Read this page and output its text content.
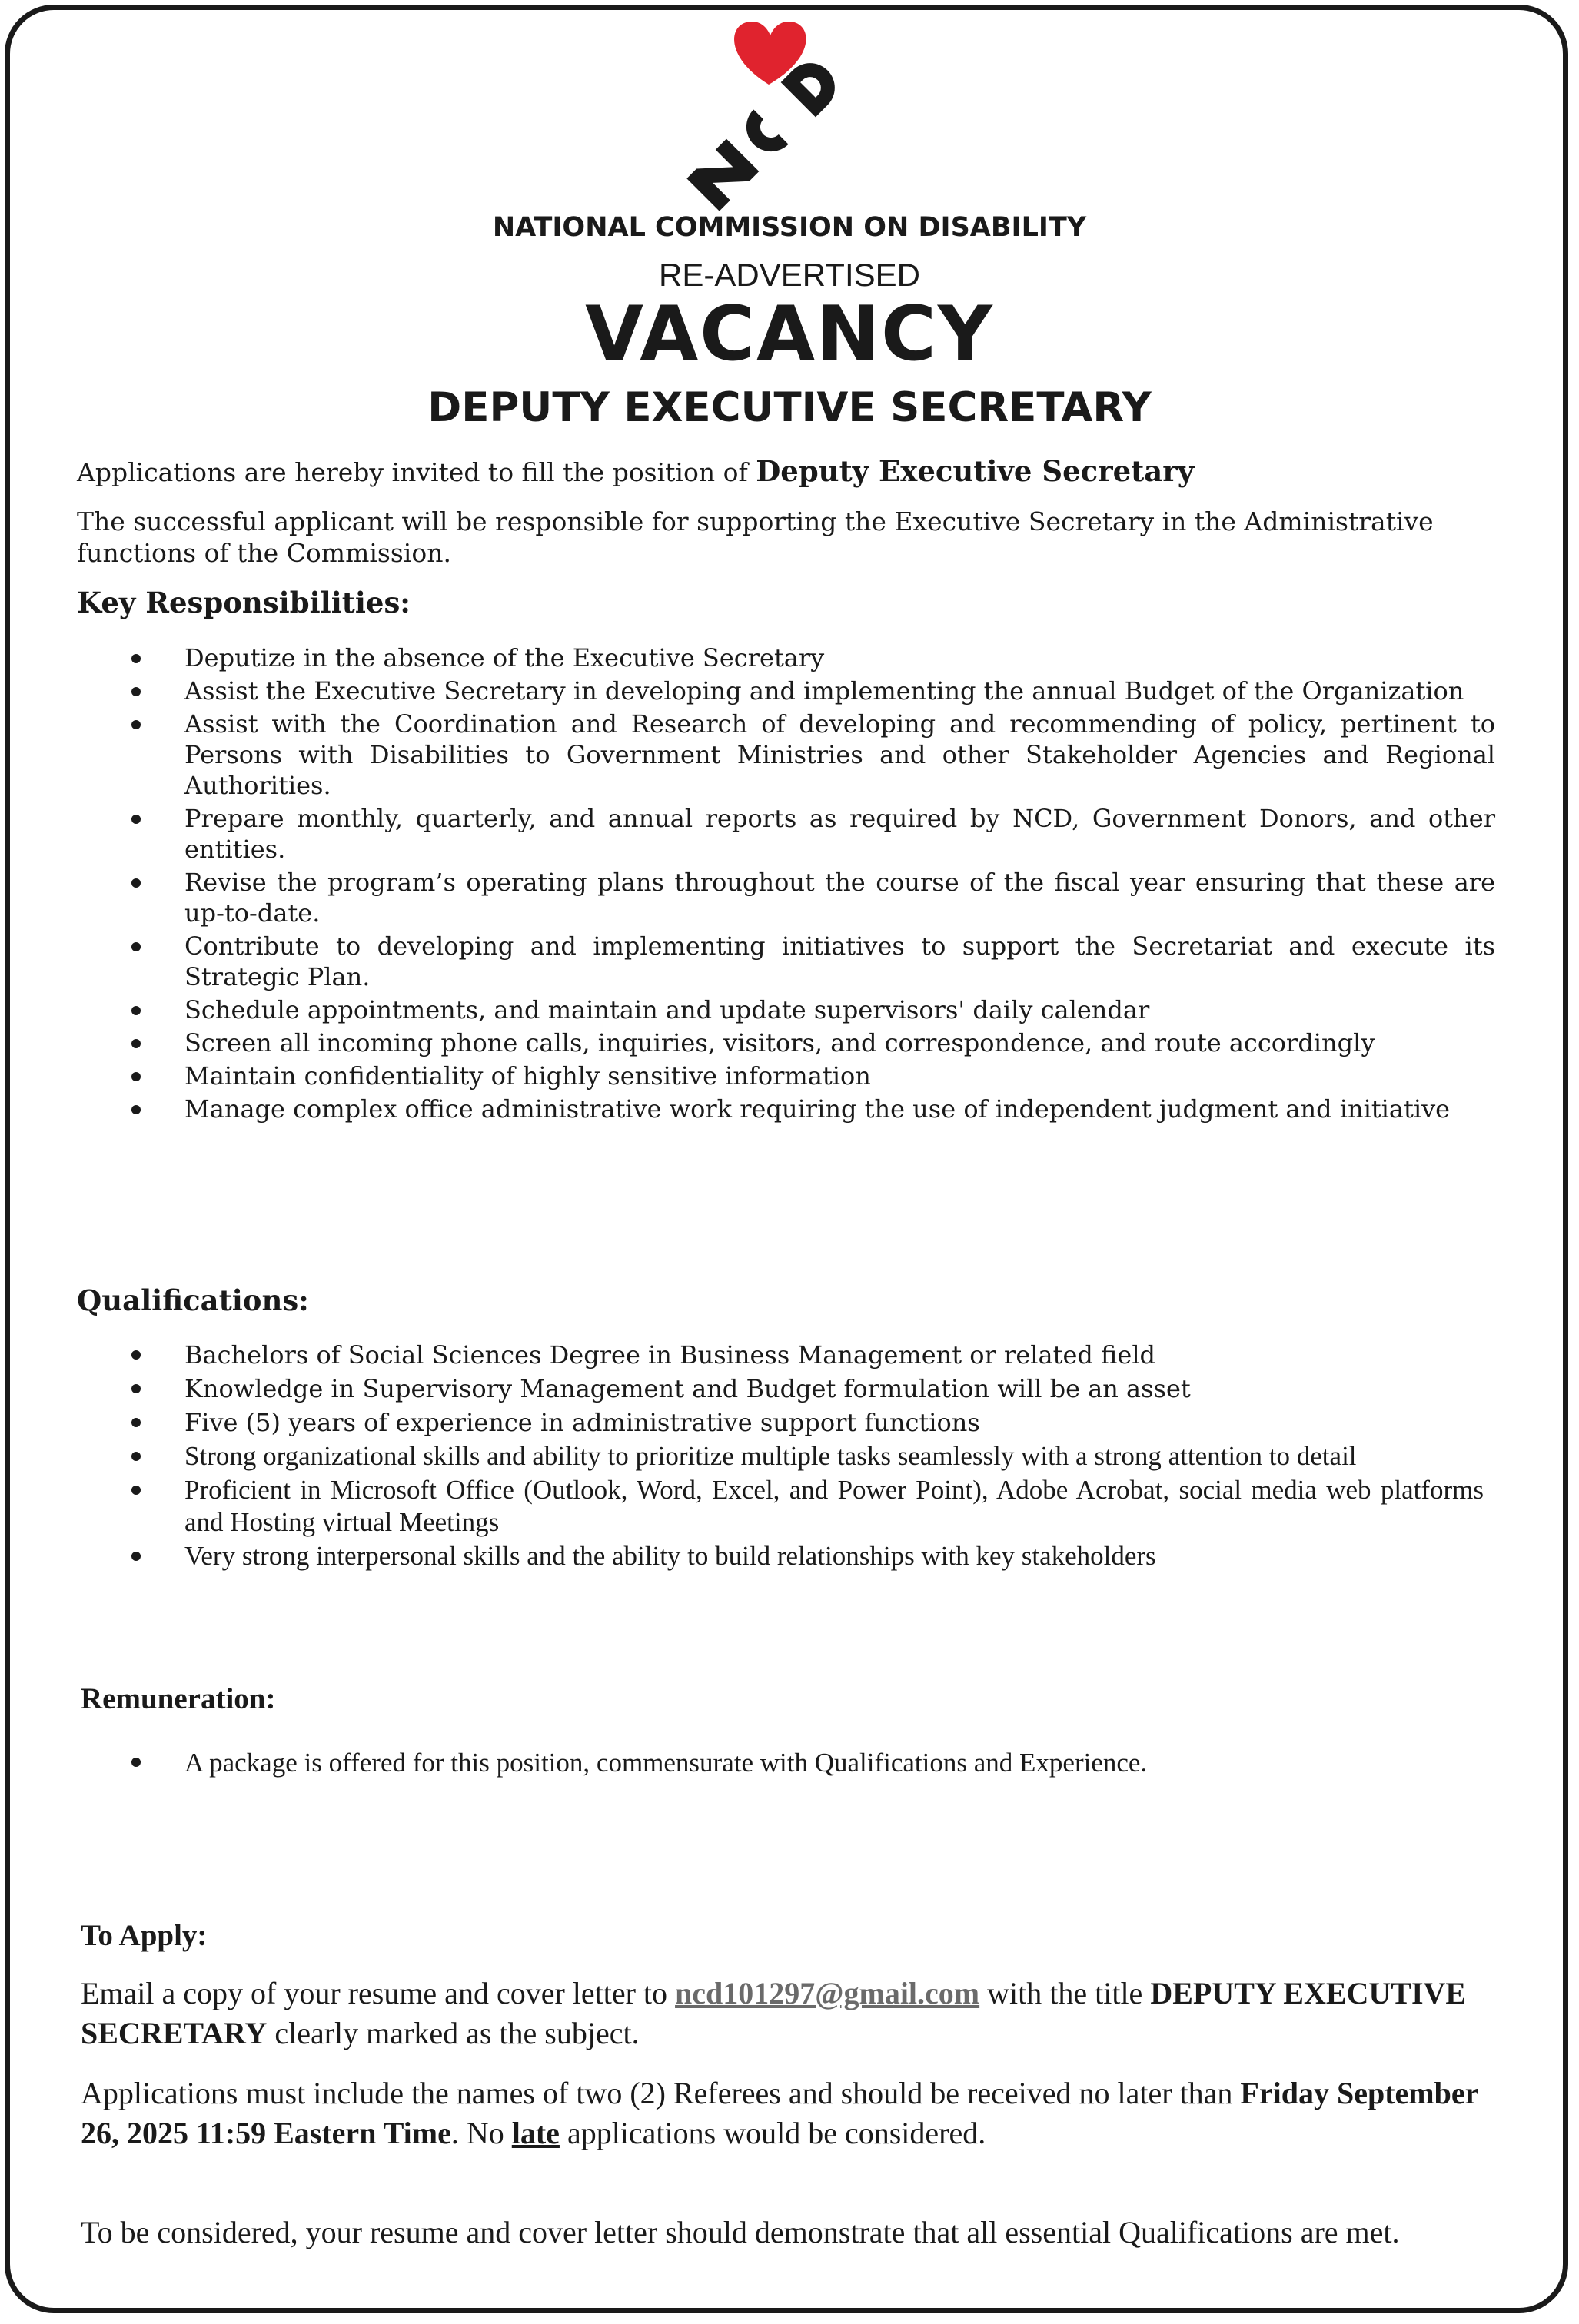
NATIONAL COMMISSION ON DISABILITY
RE-ADVERTISED
VACANCY
DEPUTY EXECUTIVE SECRETARY
Applications are hereby invited to fill the position of Deputy Executive Secretary
The successful applicant will be responsible for supporting the Executive Secretary in the Administrative functions of the Commission.
Key Responsibilities:
Deputize in the absence of the Executive Secretary
Assist the Executive Secretary in developing and implementing the annual Budget of the Organization
Assist with the Coordination and Research of developing and recommending of policy, pertinent to Persons with Disabilities to Government Ministries and other Stakeholder Agencies and Regional Authorities.
Prepare monthly, quarterly, and annual reports as required by NCD, Government Donors, and other entities.
Revise the program’s operating plans throughout the course of the fiscal year ensuring that these are up-to-date.
Contribute to developing and implementing initiatives to support the Secretariat and execute its Strategic Plan.
Schedule appointments, and maintain and update supervisors' daily calendar
Screen all incoming phone calls, inquiries, visitors, and correspondence, and route accordingly
Maintain confidentiality of highly sensitive information
Manage complex office administrative work requiring the use of independent judgment and initiative
Qualifications:
Bachelors of Social Sciences Degree in Business Management or related field
Knowledge in Supervisory Management and Budget formulation will be an asset
Five (5) years of experience in administrative support functions
Strong organizational skills and ability to prioritize multiple tasks seamlessly with a strong attention to detail
Proficient in Microsoft Office (Outlook, Word, Excel, and Power Point), Adobe Acrobat, social media web platforms and Hosting virtual Meetings
Very strong interpersonal skills and the ability to build relationships with key stakeholders
Remuneration:
A package is offered for this position, commensurate with Qualifications and Experience.
To Apply:
Email a copy of your resume and cover letter to ncd101297@gmail.com with the title DEPUTY EXECUTIVE SECRETARY clearly marked as the subject.
Applications must include the names of two (2) Referees and should be received no later than Friday September 26, 2025 11:59 Eastern Time. No late applications would be considered.
To be considered, your resume and cover letter should demonstrate that all essential Qualifications are met.
